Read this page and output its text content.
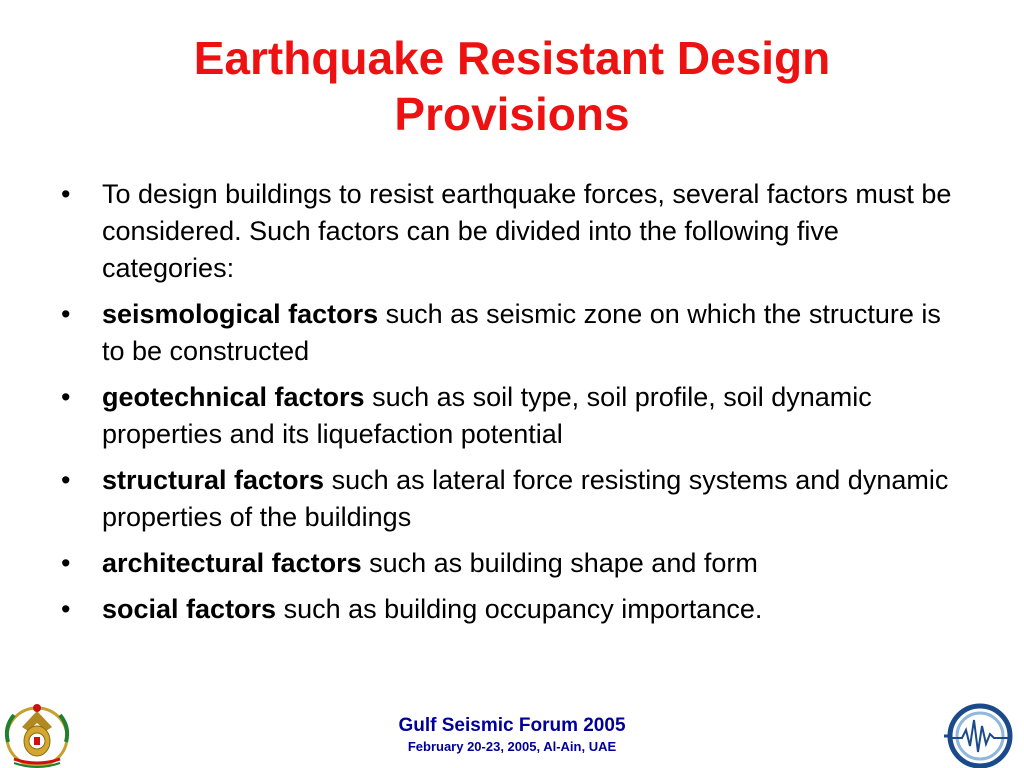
Earthquake Resistant Design
Provisions
• To design buildings to resist earthquake forces, several factors must be considered. Such factors can be divided into the following five categories:
• seismological factors such as seismic zone on which the structure is to be constructed
• geotechnical factors such as soil type, soil profile, soil dynamic properties and its liquefaction potential
• structural factors such as lateral force resisting systems and dynamic properties of the buildings
• architectural factors such as building shape and form
• social factors such as building occupancy importance.
Gulf Seismic Forum 2005
February 20-23, 2005, Al-Ain, UAE
